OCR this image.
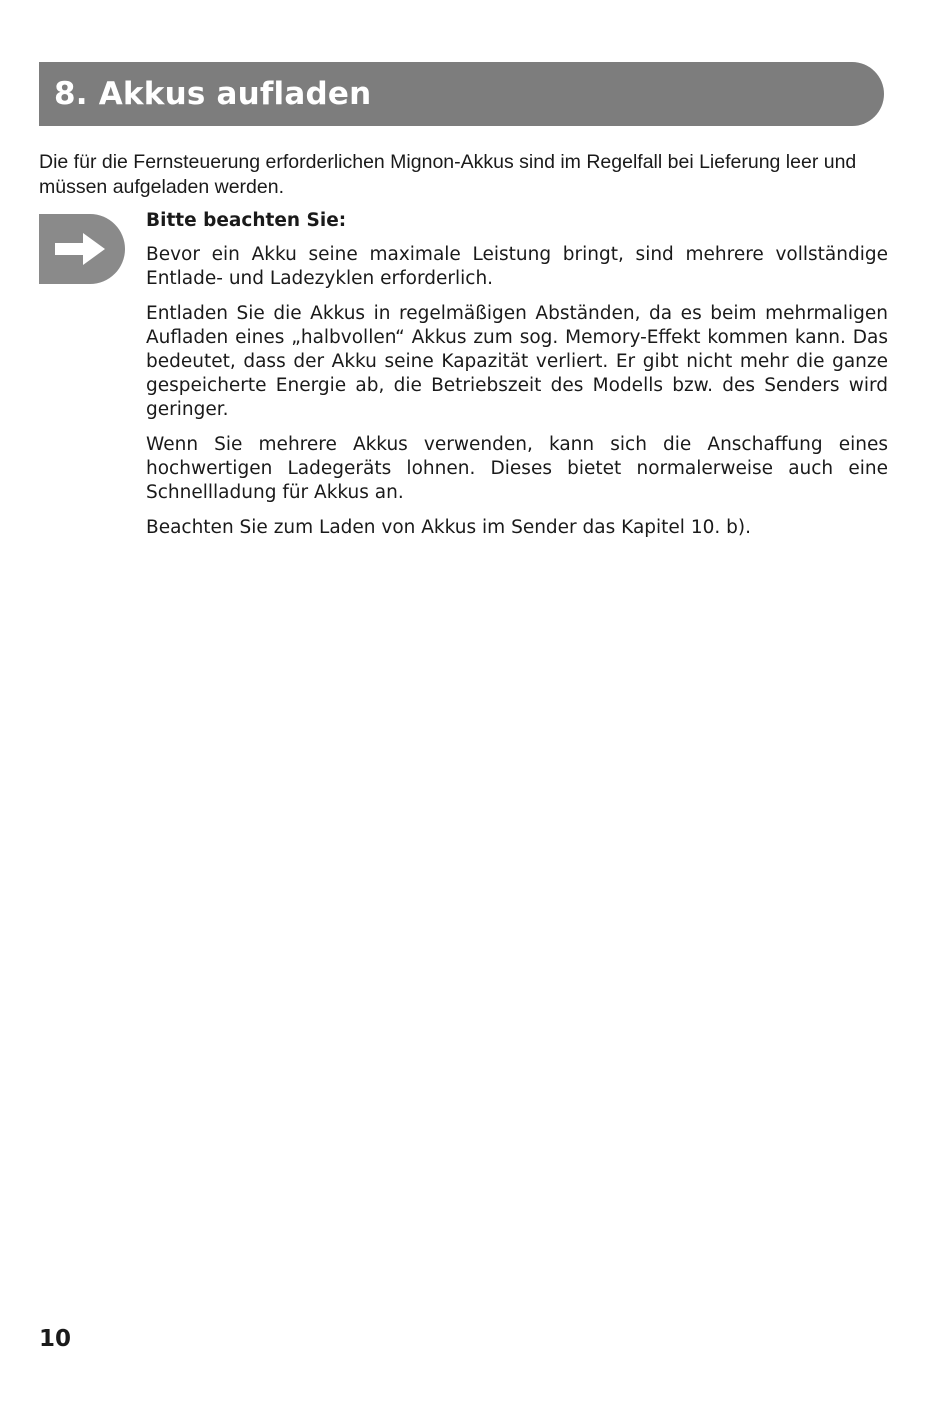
8. Akkus aufladen

Die für die Fernsteuerung erforderlichen Mignon-Akkus sind im Regelfall bei Lieferung leer und müssen aufgeladen werden.

Bitte beachten Sie:

Bevor ein Akku seine maximale Leistung bringt, sind mehrere vollständige Entlade- und Ladezyklen erforderlich.

Entladen Sie die Akkus in regelmäßigen Abständen, da es beim mehrmaligen Aufladen eines „halbvollen“ Akkus zum sog. Memory-Effekt kommen kann. Das bedeutet, dass der Akku seine Kapazität verliert. Er gibt nicht mehr die ganze gespeicherte Energie ab, die Betriebszeit des Modells bzw. des Senders wird geringer.

Wenn Sie mehrere Akkus verwenden, kann sich die Anschaffung eines hochwertigen Ladegeräts lohnen. Dieses bietet normalerweise auch eine Schnellladung für Akkus an.

Beachten Sie zum Laden von Akkus im Sender das Kapitel 10. b).

10
